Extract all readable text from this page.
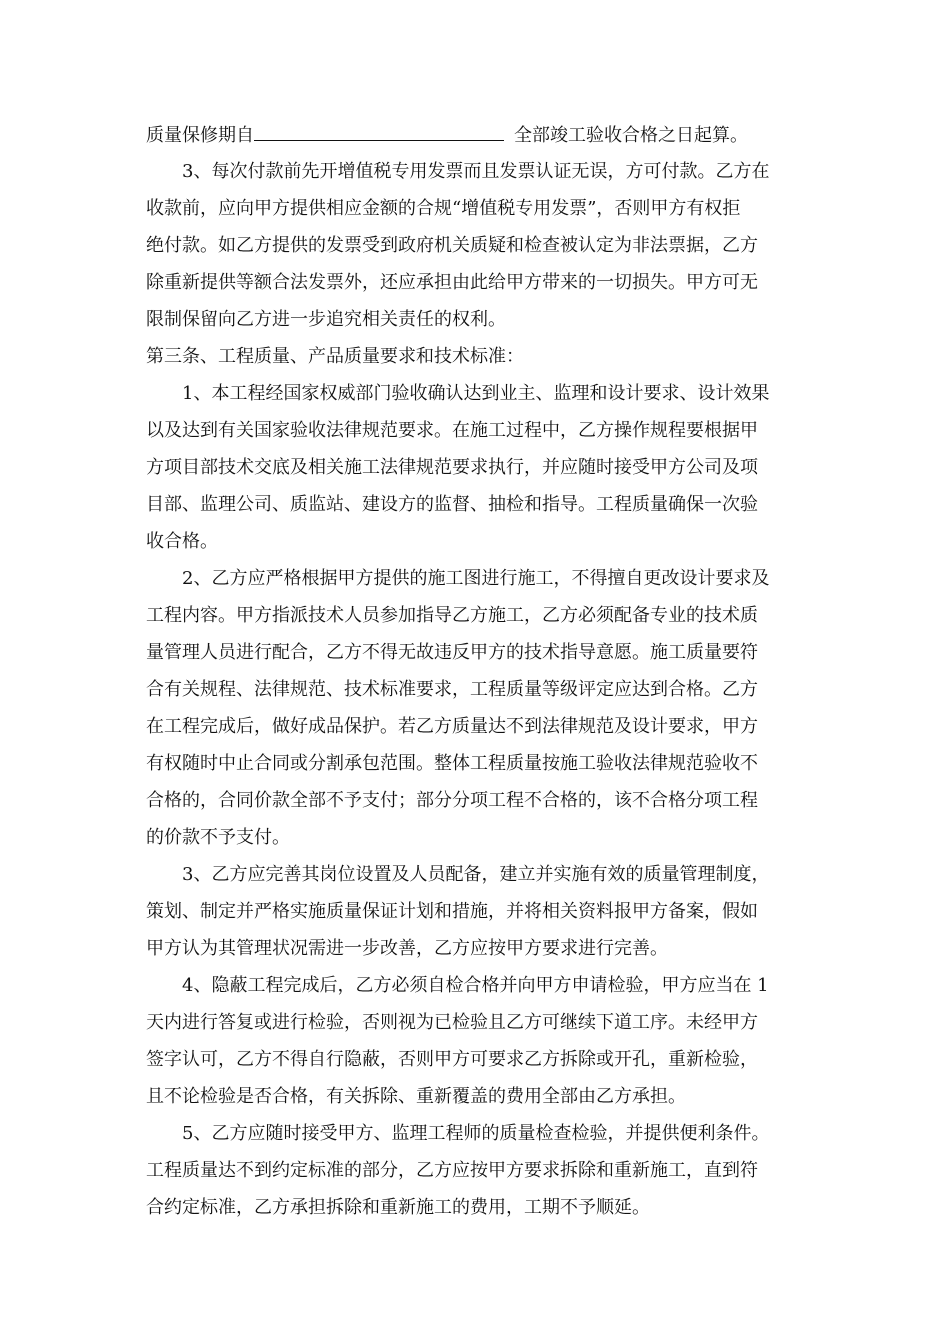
质量保修期自	全部竣工验收合格之日起算。
　　3、每次付款前先开增值税专用发票而且发票认证无误，方可付款。乙方在
收款前，应向甲方提供相应金额的合规“增值税专用发票”，否则甲方有权拒
绝付款。如乙方提供的发票受到政府机关质疑和检查被认定为非法票据，乙方
除重新提供等额合法发票外，还应承担由此给甲方带来的一切损失。甲方可无
限制保留向乙方进一步追究相关责任的权利。
第三条、工程质量、产品质量要求和技术标准：
　　1、本工程经国家权威部门验收确认达到业主、监理和设计要求、设计效果
以及达到有关国家验收法律规范要求。在施工过程中，乙方操作规程要根据甲
方项目部技术交底及相关施工法律规范要求执行，并应随时接受甲方公司及项
目部、监理公司、质监站、建设方的监督、抽检和指导。工程质量确保一次验
收合格。
　　2、乙方应严格根据甲方提供的施工图进行施工，不得擅自更改设计要求及
工程内容。甲方指派技术人员参加指导乙方施工，乙方必须配备专业的技术质
量管理人员进行配合，乙方不得无故违反甲方的技术指导意愿。施工质量要符
合有关规程、法律规范、技术标准要求，工程质量等级评定应达到合格。乙方
在工程完成后，做好成品保护。若乙方质量达不到法律规范及设计要求，甲方
有权随时中止合同或分割承包范围。整体工程质量按施工验收法律规范验收不
合格的，合同价款全部不予支付；部分分项工程不合格的，该不合格分项工程
的价款不予支付。
　　3、乙方应完善其岗位设置及人员配备，建立并实施有效的质量管理制度，
策划、制定并严格实施质量保证计划和措施，并将相关资料报甲方备案，假如
甲方认为其管理状况需进一步改善，乙方应按甲方要求进行完善。
　　4、隐蔽工程完成后，乙方必须自检合格并向甲方申请检验，甲方应当在 1
天内进行答复或进行检验，否则视为已检验且乙方可继续下道工序。未经甲方
签字认可，乙方不得自行隐蔽，否则甲方可要求乙方拆除或开孔，重新检验，
且不论检验是否合格，有关拆除、重新覆盖的费用全部由乙方承担。
　　5、乙方应随时接受甲方、监理工程师的质量检查检验，并提供便利条件。
工程质量达不到约定标准的部分，乙方应按甲方要求拆除和重新施工，直到符
合约定标准，乙方承担拆除和重新施工的费用，工期不予顺延。
